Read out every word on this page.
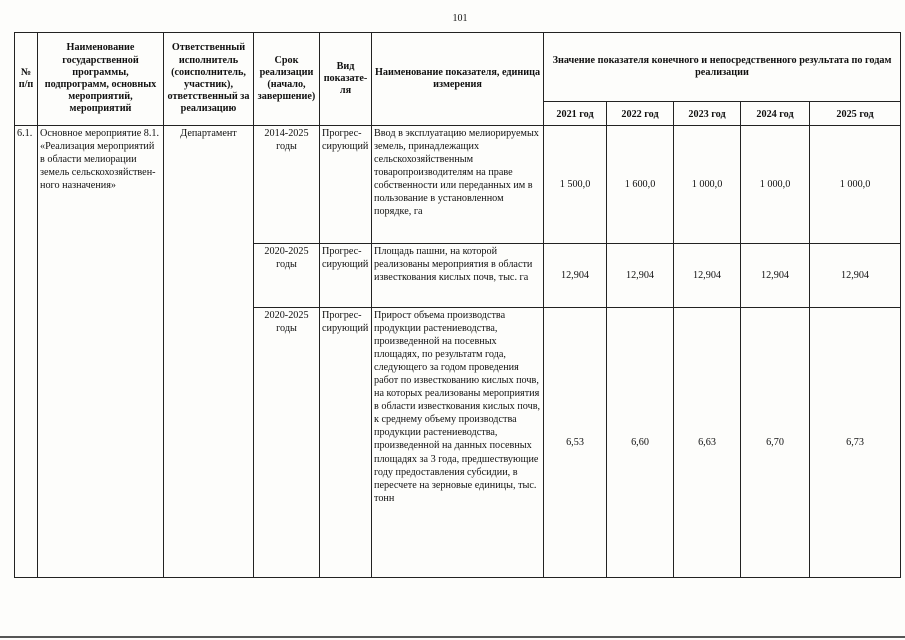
101
№ п/п	Наименование государственной программы, подпрограмм, основных мероприятий, мероприятий	Ответственный исполнитель (соисполнитель, участник), ответственный за реализацию	Срок реализации (начало, завершение)	Вид показате-ля	Наименование показателя, единица измерения	Значение показателя конечного и непосредственного результата по годам реализации				
						2021 год	2022 год	2023 год	2024 год	2025 год
6.1.	Основное мероприятие 8.1. «Реализация мероприятий в области мелиорации земель сельскохозяйствен-ного назначения»	Департамент	2014-2025 годы	Прогрес-сирующий	Ввод в эксплуатацию мелиорируемых земель, принадлежащих сельскохозяйственным товаропроизводителям на праве собственности или переданных им в пользование в установленном порядке, га	1 500,0	1 600,0	1 000,0	1 000,0	1 000,0
			2020-2025 годы	Прогрес-сирующий	Площадь пашни, на которой реализованы мероприятия в области известкования кислых почв, тыс. га	12,904	12,904	12,904	12,904	12,904
			2020-2025 годы	Прогрес-сирующий	Прирост объема производства продукции растениеводства, произведенной на посевных площадях, по результатм года, следующего за годом проведения работ по известкованию кислых почв, на которых реализованы мероприятия в области известкования кислых почв, к среднему объему производства продукции растениеводства, произведенной на данных посевных площадях за 3 года, предшествующие году предоставления субсидии, в пересчете на зерновые единицы, тыс. тонн	6,53	6,60	6,63	6,70	6,73
